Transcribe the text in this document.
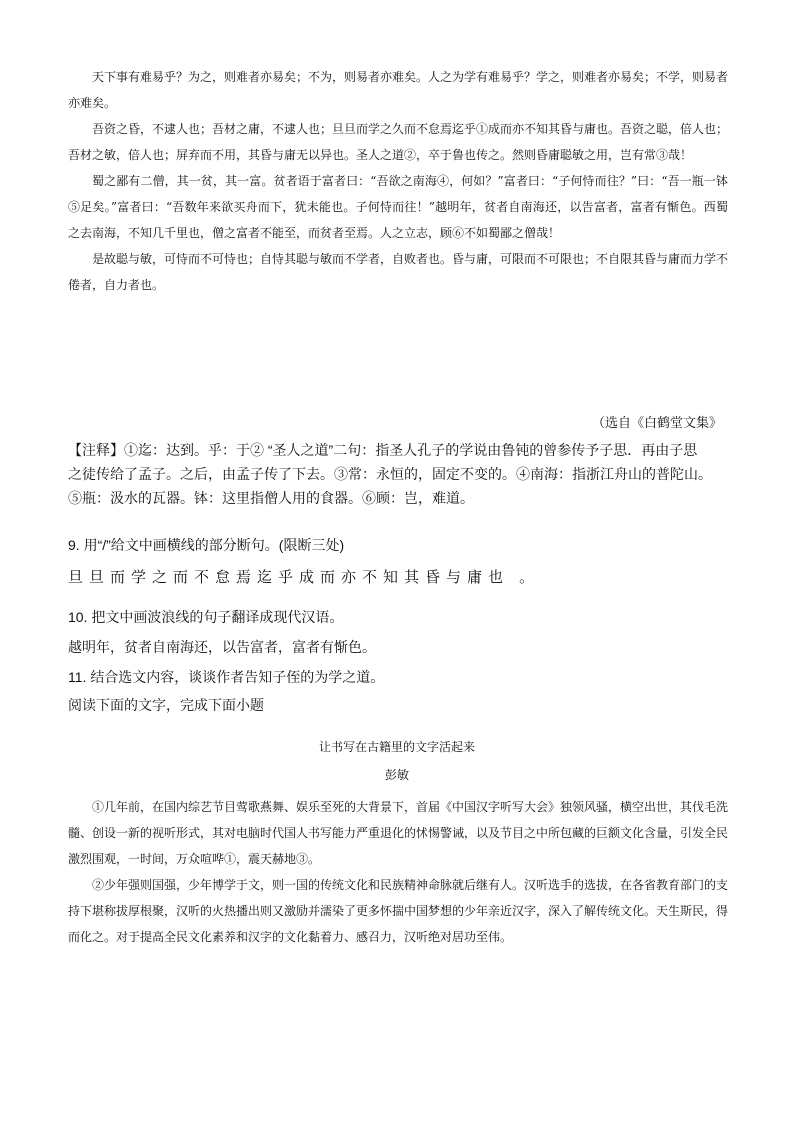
天下事有难易乎？为之，则难者亦易矣；不为，则易者亦难矣。人之为学有难易乎？学之，则难者亦易矣；不学，则易者亦难矣。

吾资之昏，不逮人也；吾材之庸，不逮人也；旦旦而学之久而不怠焉迄乎①成而亦不知其昏与庸也。吾资之聪，倍人也；吾材之敏，倍人也；屏弃而不用，其昏与庸无以异也。圣人之道②，卒于鲁也传之。然则昏庸聪敏之用，岂有常③哉！

蜀之鄙有二僧，其一贫，其一富。贫者语于富者曰：“吾欲之南海④，何如？”富者曰：“子何恃而往？”曰：“吾一瓶一钵⑤足矣。”富者曰：“吾数年来欲买舟而下，犹未能也。子何恃而往！”越明年，贫者自南海还，以告富者，富者有惭色。西蜀之去南海，不知几千里也，僧之富者不能至，而贫者至焉。人之立志，顾⑥不如蜀鄙之僧哉！

是故聪与敏，可恃而不可恃也；自恃其聪与敏而不学者，自败者也。昏与庸，可限而不可限也；不自限其昏与庸而力学不倦者，自力者也。

（选自《白鹤堂文集》

【注释】①迄：达到。乎：于② “圣人之道”二句：指圣人孔子的学说由鲁钝的曾参传予子思．再由子思

之徒传给了孟子。之后，由孟子传了下去。③常：永恒的，固定不变的。④南海：指浙江舟山的普陀山。

⑤瓶：汲水的瓦器。钵：这里指僧人用的食器。⑥顾：岂，难道。

9. 用“/”给文中画横线的部分断句。(限断三处)

旦旦而学之而不怠焉迄乎成而亦不知其昏与庸也 。

10. 把文中画波浪线的句子翻译成现代汉语。

越明年，贫者自南海还，以告富者，富者有惭色。

11. 结合选文内容，谈谈作者告知子侄的为学之道。

阅读下面的文字，完成下面小题

让书写在古籍里的文字活起来
彭敏

①几年前，在国内综艺节目莺歌燕舞、娱乐至死的大背景下，首届《中国汉字听写大会》独领风骚，横空出世，其伐毛洗髓、创设一新的视听形式，其对电脑时代国人书写能力严重退化的怵惕警诫，以及节目之中所包藏的巨额文化含量，引发全民激烈围观，一时间，万众喧哗①，震天赫地③。

②少年强则国强，少年博学于文，则一国的传统文化和民族精神命脉就后继有人。汉听选手的选拔，在各省教育部门的支持下堪称拔厚根聚，汉听的火热播出则又激励并濡染了更多怀揣中国梦想的少年亲近汉字，深入了解传统文化。天生斯民，得而化之。对于提高全民文化素养和汉字的文化黏着力、感召力，汉听绝对居功至伟。
